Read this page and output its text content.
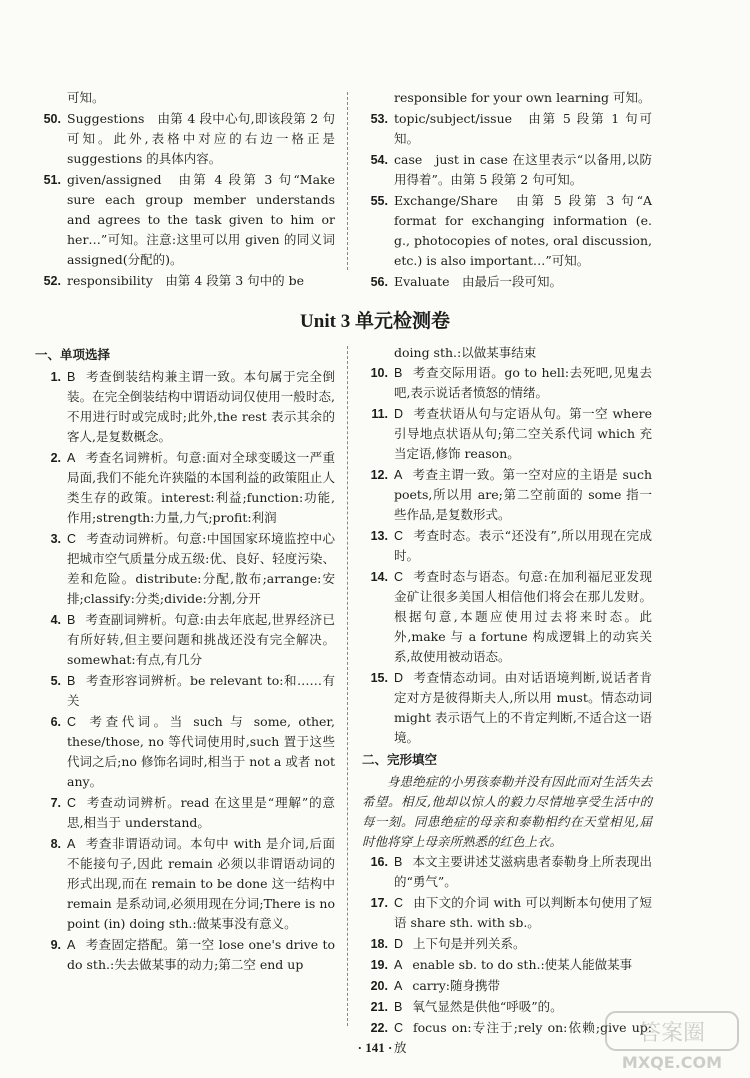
可知。
50. Suggestions　由第 4 段中心句,即该段第 2 句可知。此外,表格中对应的右边一格正是 suggestions 的具体内容。
51. given/assigned　由第 4 段第 3 句“Make sure each group member understands and agrees to the task given to him or her…”可知。注意:这里可以用 given 的同义词 assigned(分配的)。
52. responsibility　由第 4 段第 3 句中的 be
responsible for your own learning 可知。
53. topic/subject/issue　由第 5 段第 1 句可知。
54. case　just in case 在这里表示“以备用,以防用得着”。由第 5 段第 2 句可知。
55. Exchange/Share　由第 5 段第 3 句“A format for exchanging information (e. g., photocopies of notes, oral discussion, etc.) is also important…”可知。
56. Evaluate　由最后一段可知。
Unit 3 单元检测卷
一、单项选择
1. B 考查倒装结构兼主谓一致。本句属于完全倒装。在完全倒装结构中谓语动词仅使用一般时态,不用进行时或完成时;此外,the rest 表示其余的客人,是复数概念。
2. A 考查名词辨析。句意:面对全球变暖这一严重局面,我们不能允许狭隘的本国利益的政策阻止人类生存的政策。interest:利益;function:功能,作用;strength:力量,力气;profit:利润
3. C 考查动词辨析。句意:中国国家环境监控中心把城市空气质量分成五级:优、良好、轻度污染、差和危险。distribute:分配,散布;arrange:安排;classify:分类;divide:分割,分开
4. B 考查副词辨析。句意:由去年底起,世界经济已有所好转,但主要问题和挑战还没有完全解决。somewhat:有点,有几分
5. B 考查形容词辨析。be relevant to:和……有关
6. C 考查代词。当 such 与 some, other, these/those, no 等代词使用时,such 置于这些代词之后;no 修饰名词时,相当于 not a 或者 not any。
7. C 考查动词辨析。read 在这里是“理解”的意思,相当于 understand。
8. A 考查非谓语动词。本句中 with 是介词,后面不能接句子,因此 remain 必须以非谓语动词的形式出现,而在 remain to be done 这一结构中 remain 是系动词,必须用现在分词;There is no point (in) doing sth.:做某事没有意义。
9. A 考查固定搭配。第一空 lose one's drive to do sth.:失去做某事的动力;第二空 end up
doing sth.:以做某事结束
10. B 考查交际用语。go to hell:去死吧,见鬼去吧,表示说话者愤怒的情绪。
11. D 考查状语从句与定语从句。第一空 where 引导地点状语从句;第二空关系代词 which 充当定语,修饰 reason。
12. A 考查主谓一致。第一空对应的主语是 such poets,所以用 are;第二空前面的 some 指一些作品,是复数形式。
13. C 考查时态。表示“还没有”,所以用现在完成时。
14. C 考查时态与语态。句意:在加利福尼亚发现金矿让很多美国人相信他们将会在那儿发财。根据句意,本题应使用过去将来时态。此外,make 与 a fortune 构成逻辑上的动宾关系,故使用被动语态。
15. D 考查情态动词。由对话语境判断,说话者肯定对方是彼得斯夫人,所以用 must。情态动词 might 表示语气上的不肯定判断,不适合这一语境。
二、完形填空
身患绝症的小男孩泰勒并没有因此而对生活失去希望。相反,他却以惊人的毅力尽情地享受生活中的每一刻。同患绝症的母亲和泰勒相约在天堂相见,届时他将穿上母亲所熟悉的红色上衣。
16. B 本文主要讲述艾滋病患者泰勒身上所表现出的“勇气”。
17. C 由下文的介词 with 可以判断本句使用了短语 share sth. with sb.。
18. D 上下句是并列关系。
19. A enable sb. to do sth.:使某人能做某事
20. A carry:随身携带
21. B 氧气显然是供他“呼吸”的。
22. C focus on:专注于;rely on:依赖;give up:放
· 141 ·
答案圈
MXQE.COM
